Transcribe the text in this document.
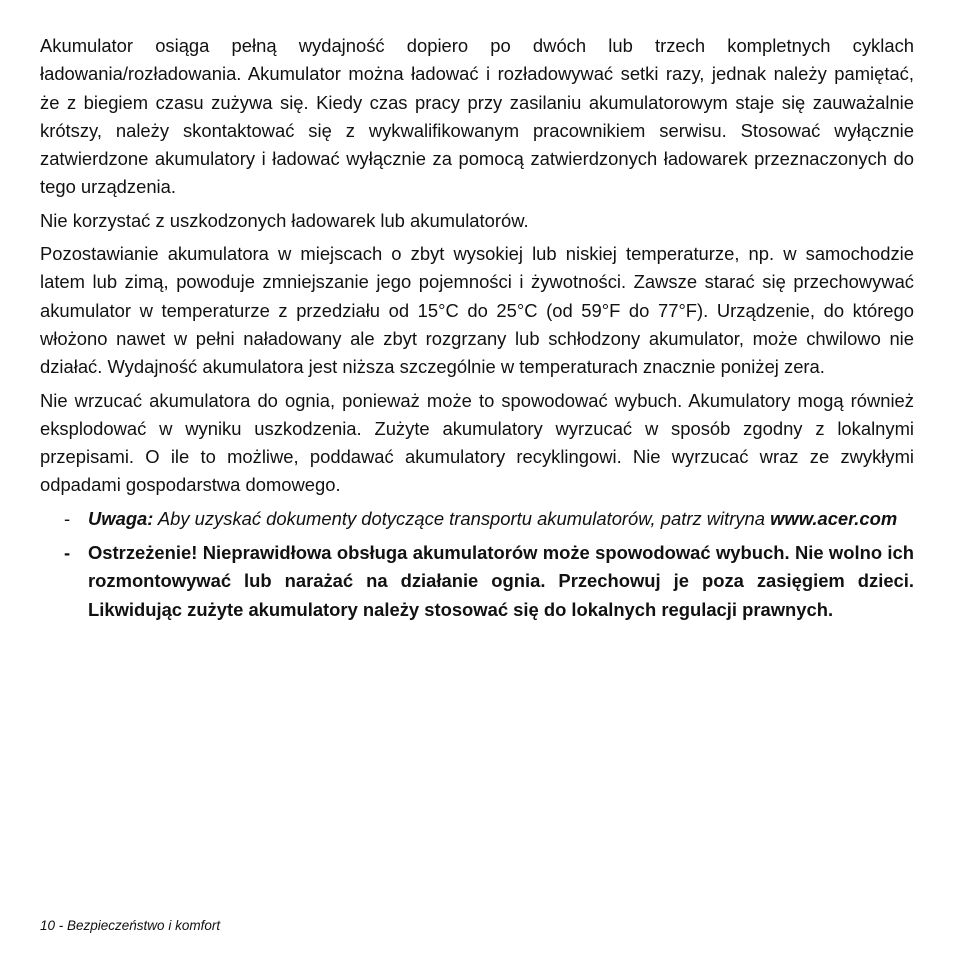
Akumulator osiąga pełną wydajność dopiero po dwóch lub trzech kompletnych cyklach ładowania/rozładowania. Akumulator można ładować i rozładowywać setki razy, jednak należy pamiętać, że z biegiem czasu zużywa się. Kiedy czas pracy przy zasilaniu akumulatorowym staje się zauważalnie krótszy, należy skontaktować się z wykwalifikowanym pracownikiem serwisu. Stosować wyłącznie zatwierdzone akumulatory i ładować wyłącznie za pomocą zatwierdzonych ładowarek przeznaczonych do tego urządzenia.

Nie korzystać z uszkodzonych ładowarek lub akumulatorów.

Pozostawianie akumulatora w miejscach o zbyt wysokiej lub niskiej temperaturze, np. w samochodzie latem lub zimą, powoduje zmniejszanie jego pojemności i żywotności. Zawsze starać się przechowywać akumulator w temperaturze z przedziału od 15°C do 25°C (od 59°F do 77°F). Urządzenie, do którego włożono nawet w pełni naładowany ale zbyt rozgrzany lub schłodzony akumulator, może chwilowo nie działać. Wydajność akumulatora jest niższa szczególnie w temperaturach znacznie poniżej zera.

Nie wrzucać akumulatora do ognia, ponieważ może to spowodować wybuch. Akumulatory mogą również eksplodować w wyniku uszkodzenia. Zużyte akumulatory wyrzucać w sposób zgodny z lokalnymi przepisami. O ile to możliwe, poddawać akumulatory recyklingowi. Nie wyrzucać wraz ze zwykłymi odpadami gospodarstwa domowego.

- Uwaga: Aby uzyskać dokumenty dotyczące transportu akumulatorów, patrz witryna www.acer.com
- Ostrzeżenie! Nieprawidłowa obsługa akumulatorów może spowodować wybuch. Nie wolno ich rozmontowywać lub narażać na działanie ognia. Przechowuj je poza zasięgiem dzieci. Likwidując zużyte akumulatory należy stosować się do lokalnych regulacji prawnych.
10 - Bezpieczeństwo i komfort
